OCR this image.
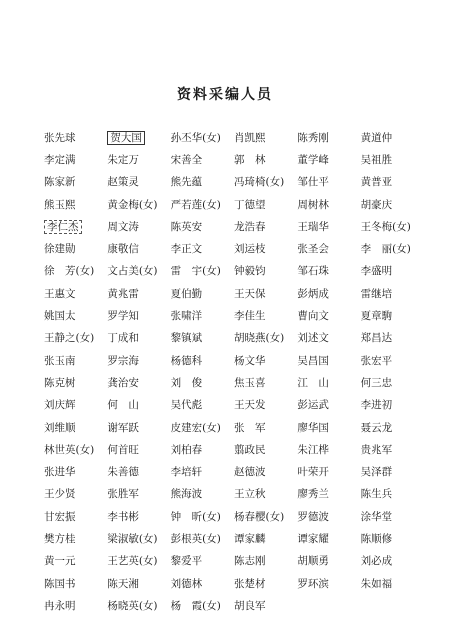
资料采编人员
张先球	贺大国	孙丕华(女)	肖凯熙	陈秀刚	黄道仲
李定满	朱定万	宋善全	郭　林	董学峰	吴祖胜
陈家新	赵策灵	熊先蕴	冯琦椅(女)	邹仕平	黄普亚
熊玉熙	黄金梅(女)	严若莲(女)	丁德望	周树林	胡豪庆
李仁杰	周文涛	陈英安	龙浩春	王瑞华	王冬梅(女)
徐建勋	康敬信	李正文	刘运枝	张圣会	李　丽(女)
徐　芳(女)	文占美(女)	雷　宇(女)	钟毅钧	邹石珠	李盛明
王惠文	黄兆雷	夏伯勤	王天保	彭炳成	雷继培
姚国太	罗学知	张啸洋	李佳生	曹向文	夏章駒
王静之(女)	丁成和	黎镇斌	胡晓燕(女)	刘述文	郑昌达
张玉南	罗宗海	杨德科	杨文华	吴昌国	张宏平
陈克树	龚治安	刘　俊	焦玉喜	江　山	何三忠
刘庆辉	何　山	吴代彪	王天发	彭运武	李进初
刘维顺	谢军跃	皮建宏(女)	张　军	廖华国	聂云龙
林世英(女)	何首旺	刘柏春	翦政民	朱江桦	贵兆军
张进华	朱善德	李培轩	赵德波	叶荣开	吴泽群
王少贤	张胜军	熊海波	王立秋	廖秀兰	陈生兵
甘宏振	李书彬	钟　昕(女)	杨春樱(女)	罗德波	涂华堂
樊方桂	梁淑敏(女)	彭根英(女)	谭家麟	谭家耀	陈顺修
黄一元	王艺英(女)	黎爱平	陈志刚	胡顺勇	刘必成
陈国书	陈天湘	刘德林	张楚材	罗环滨	朱如福
冉永明	杨晓英(女)	杨　霞(女)	胡良军
